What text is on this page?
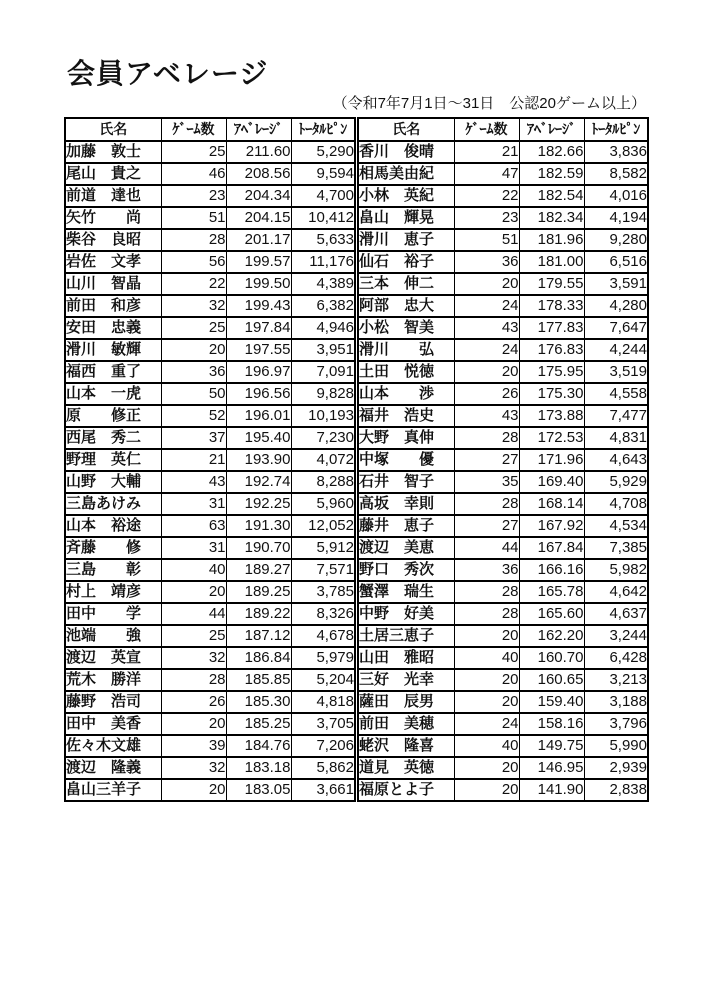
会員アベレージ
（令和7年7月1日～31日　公認20ゲーム以上）
氏名	ｹﾞｰﾑ数	ｱﾍﾞﾚｰｼﾞ	ﾄｰﾀﾙﾋﾟﾝ
加藤　敦士	25	211.60	5,290
尾山　貴之	46	208.56	9,594
前道　達也	23	204.34	4,700
矢竹　　尚	51	204.15	10,412
柴谷　良昭	28	201.17	5,633
岩佐　文孝	56	199.57	11,176
山川　智晶	22	199.50	4,389
前田　和彦	32	199.43	6,382
安田　忠義	25	197.84	4,946
滑川　敏輝	20	197.55	3,951
福西　重了	36	196.97	7,091
山本　一虎	50	196.56	9,828
原　　修正	52	196.01	10,193
西尾　秀二	37	195.40	7,230
野理　英仁	21	193.90	4,072
山野　大輔	43	192.74	8,288
三島あけみ	31	192.25	5,960
山本　裕途	63	191.30	12,052
斉藤　　修	31	190.70	5,912
三島　　彰	40	189.27	7,571
村上　靖彦	20	189.25	3,785
田中　　学	44	189.22	8,326
池端　　強	25	187.12	4,678
渡辺　英宣	32	186.84	5,979
荒木　勝洋	28	185.85	5,204
藤野　浩司	26	185.30	4,818
田中　美香	20	185.25	3,705
佐々木文雄	39	184.76	7,206
渡辺　隆義	32	183.18	5,862
畠山三羊子	20	183.05	3,661
氏名	ｹﾞｰﾑ数	ｱﾍﾞﾚｰｼﾞ	ﾄｰﾀﾙﾋﾟﾝ
香川　俊晴	21	182.66	3,836
相馬美由紀	47	182.59	8,582
小林　英紀	22	182.54	4,016
畠山　輝晃	23	182.34	4,194
滑川　恵子	51	181.96	9,280
仙石　裕子	36	181.00	6,516
三本　伸二	20	179.55	3,591
阿部　忠大	24	178.33	4,280
小松　智美	43	177.83	7,647
滑川　　弘	24	176.83	4,244
土田　悦徳	20	175.95	3,519
山本　　渉	26	175.30	4,558
福井　浩史	43	173.88	7,477
大野　真伸	28	172.53	4,831
中塚　　優	27	171.96	4,643
石井　智子	35	169.40	5,929
高坂　幸則	28	168.14	4,708
藤井　恵子	27	167.92	4,534
渡辺　美恵	44	167.84	7,385
野口　秀次	36	166.16	5,982
蟹澤　瑞生	28	165.78	4,642
中野　好美	28	165.60	4,637
土居三恵子	20	162.20	3,244
山田　雅昭	40	160.70	6,428
三好　光幸	20	160.65	3,213
薩田　辰男	20	159.40	3,188
前田　美穂	24	158.16	3,796
蛯沢　隆喜	40	149.75	5,990
道見　英徳	20	146.95	2,939
福原とよ子	20	141.90	2,838
